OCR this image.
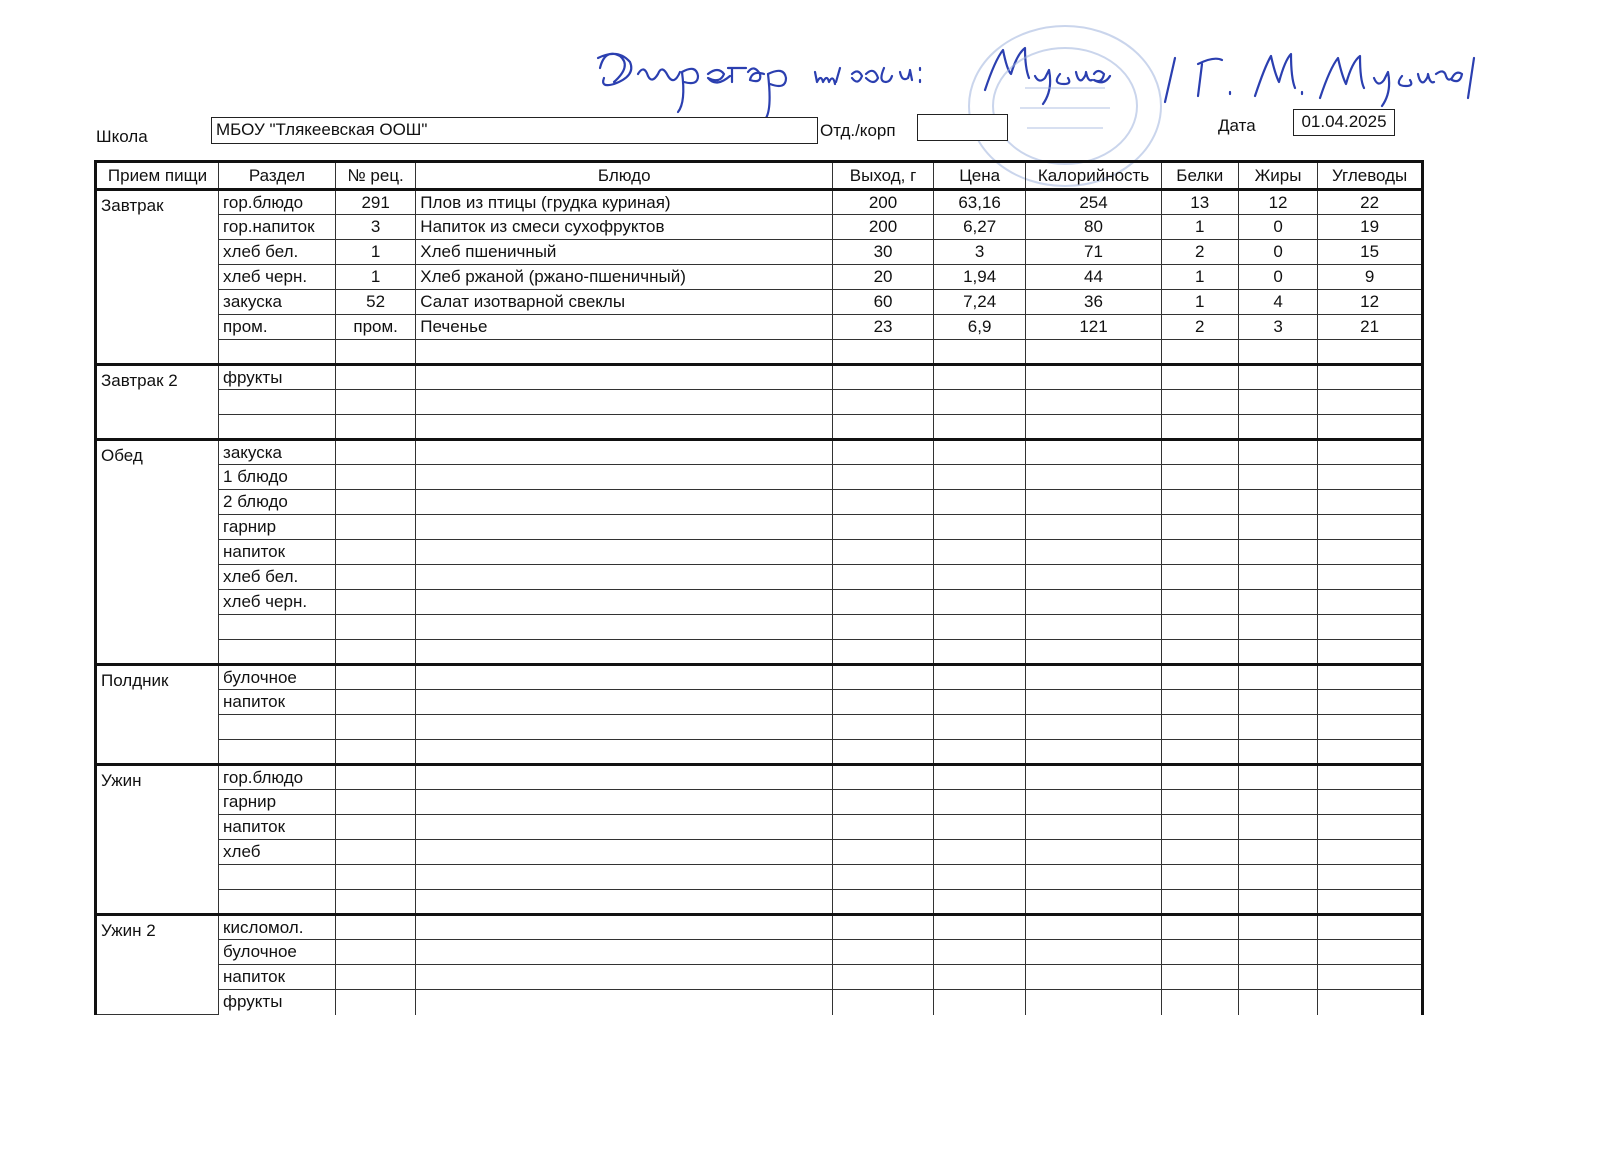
Школа	МБОУ "Тлякеевская ООШ"	Отд./корп	Дата	01.04.2025
Прием пищи	Раздел	№ рец.	Блюдо	Выход, г	Цена	Калорийность	Белки	Жиры	Углеводы
Завтрак	гор.блюдо	291	Плов из птицы (грудка куриная)	200	63,16	254	13	12	22
	гор.напиток	3	Напиток из смеси сухофруктов	200	6,27	80	1	0	19
	хлеб бел.	1	Хлеб пшеничный	30	3	71	2	0	15
	хлеб черн.	1	Хлеб ржаной (ржано-пшеничный)	20	1,94	44	1	0	9
	закуска	52	Салат изотварной свеклы	60	7,24	36	1	4	12
	пром.	пром.	Печенье	23	6,9	121	2	3	21

Завтрак 2	фрукты								

Обед	закуска								
	1 блюдо								
	2 блюдо								
	гарнир								
	напиток								
	хлеб бел.								
	хлеб черн.								

Полдник	булочное								
	напиток								

Ужин	гор.блюдо								
	гарнир								
	напиток								
	хлеб								

Ужин 2	кисломол.								
	булочное								
	напиток								
	фрукты								
